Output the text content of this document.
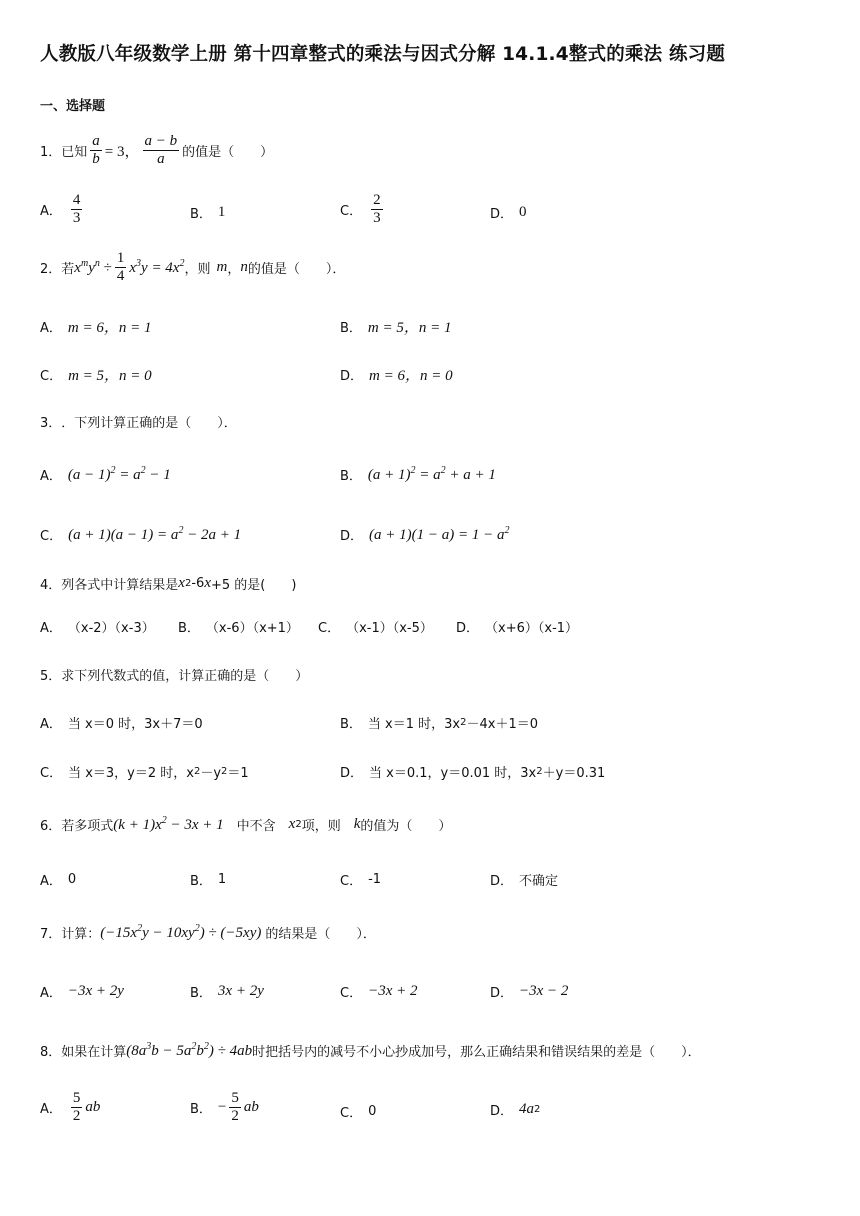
人教版八年级数学上册 第十四章整式的乘法与因式分解 14.1.4整式的乘法 练习题
一、选择题
1． 已知 $\frac{a}{b} = 3$， $\frac{a - b}{a}$ 的值是（　　）
A． $\frac{4}{3}$	B． 1	C． $\frac{2}{3}$	D． 0
2． 若 $x^my^n \div \frac{1}{4} x^3y = 4x^2$ ，则 m ， n 的值是（　　）．
A． m = 6，n = 1	B． m = 5，n = 1
C． m = 5，n = 0	D． m = 6，n = 0
3． ．下列计算正确的是（　　）．
A． $(a - 1)^2 = a^2 - 1$	B． $(a + 1)^2 = a^2 + a + 1$
C． $(a + 1)(a - 1) = a^2 - 2a + 1$	D． $(a + 1)(1 - a) = 1 - a^2$
4． 列各式中计算结果是 x 2 -6 x +5 的是(　　)
A． （x-2）（x-3） B． （x-6）（x+1） C． （x-1）（x-5） D． （x+6）（x-1）
5． 求下列代数式的值，计算正确的是（　　）
A． 当 x＝0 时，3x＋7＝0	B． 当 x＝1 时，3x 2 －4x＋1＝0
C． 当 x＝3，y＝2 时，x 2 －y 2 ＝1	D． 当 x＝0.1，y＝0.01 时，3x 2 ＋y＝0.31
6． 若多项式 $(k + 1)x^2 - 3x + 1$ 　中不含　 x 2 项，则　 k 的值为（　　）
A． 0	B． 1	C． -1	D． 不确定
7． 计算： $(-15x^2y - 10xy^2) \div (-5xy)$ 的结果是（　　）．
A． −3x + 2y	B． 3x + 2y	C． −3x + 2	D． −3x − 2
8． 如果在计算 $(8a^3b - 5a^2b^2) \div 4ab$ 时把括号内的减号不小心抄成加号，那么正确结果和错误结果的差是（　　）．
A． $\frac{5}{2}$ ab	B． − $\frac{5}{2}$ ab	C． 0	D． 4a 2
